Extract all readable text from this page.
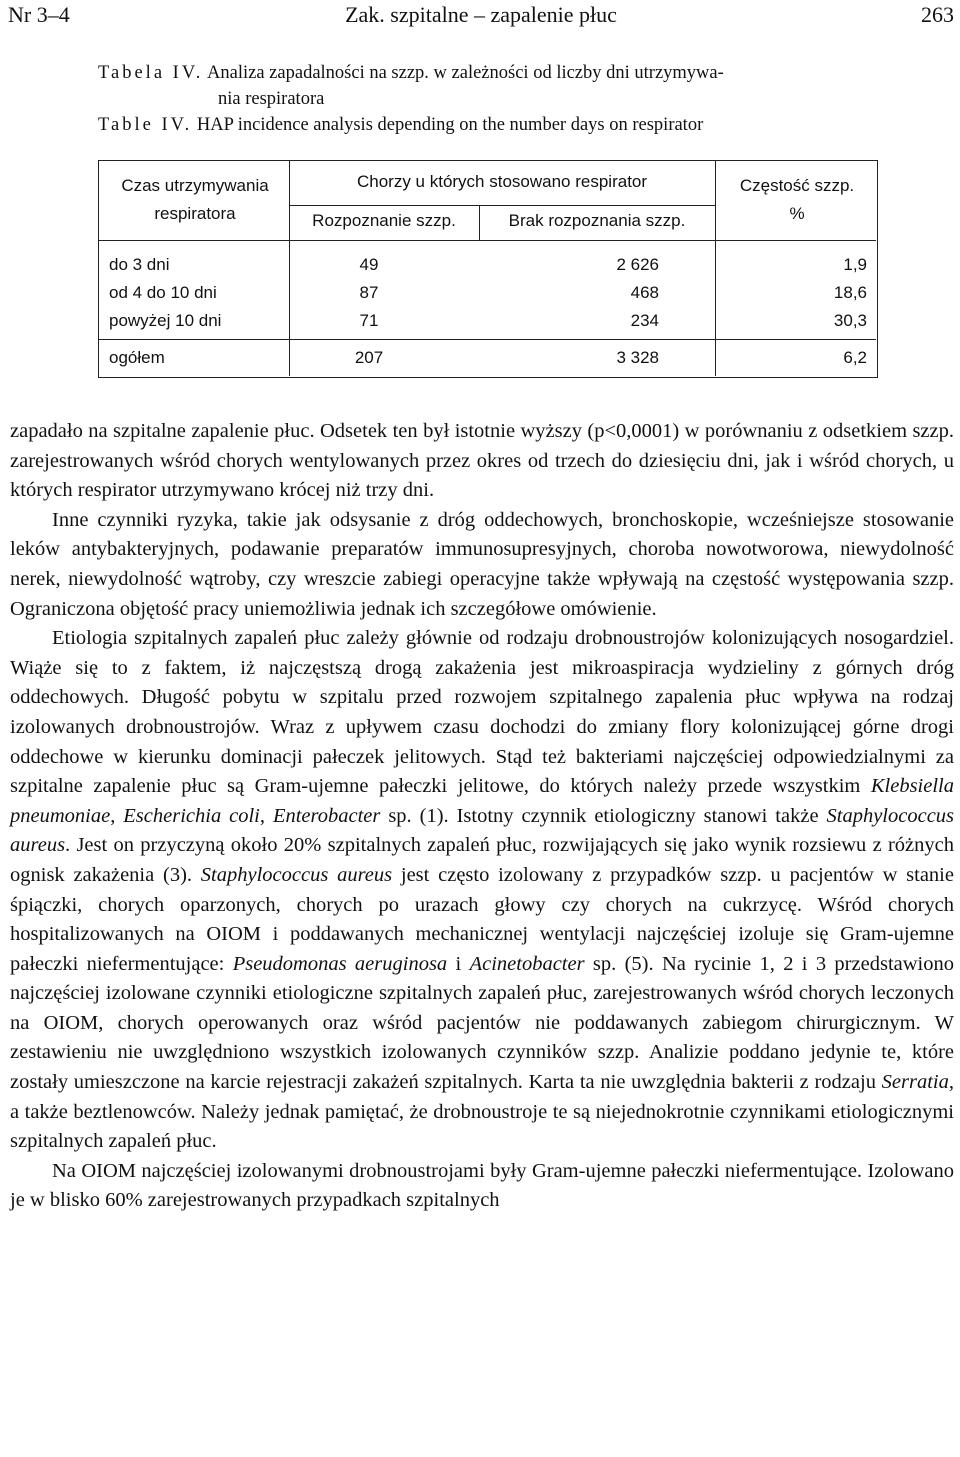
Nr 3–4	Zak. szpitalne – zapalenie płuc	263
Tabela IV. Analiza zapadalności na szzp. w zależności od liczby dni utrzymywa-
nia respiratora
Table IV. HAP incidence analysis depending on the number days on respirator
Czas utrzymywania
respiratora
Chorzy u których stosowano respirator
Rozpoznanie szzp.	Brak rozpoznania szzp.
Częstość szzp.
%
do 3 dni	49	2 626	1,9
od 4 do 10 dni	87	468	18,6
powyżej 10 dni	71	234	30,3
ogółem	207	3 328	6,2

zapadało na szpitalne zapalenie płuc. Odsetek ten był istotnie wyższy (p<0,0001) w porównaniu z odsetkiem szzp. zarejestrowanych wśród chorych wentylowanych przez okres od trzech do dziesięciu dni, jak i wśród chorych, u których respirator utrzymywano krócej niż trzy dni.

Inne czynniki ryzyka, takie jak odsysanie z dróg oddechowych, bronchoskopie, wcześniejsze stosowanie leków antybakteryjnych, podawanie preparatów immunosupresyjnych, choroba nowotworowa, niewydolność nerek, niewydolność wątroby, czy wreszcie zabiegi operacyjne także wpływają na częstość występowania szzp. Ograniczona objętość pracy uniemożliwia jednak ich szczegółowe omówienie.

Etiologia szpitalnych zapaleń płuc zależy głównie od rodzaju drobnoustrojów kolonizujących nosogardziel. Wiąże się to z faktem, iż najczęstszą drogą zakażenia jest mikroaspiracja wydzieliny z górnych dróg oddechowych. Długość pobytu w szpitalu przed rozwojem szpitalnego zapalenia płuc wpływa na rodzaj izolowanych drobnoustrojów. Wraz z upływem czasu dochodzi do zmiany flory kolonizującej górne drogi oddechowe w kierunku dominacji pałeczek jelitowych. Stąd też bakteriami najczęściej odpowiedzialnymi za szpitalne zapalenie płuc są Gram-ujemne pałeczki jelitowe, do których należy przede wszystkim Klebsiella pneumoniae, Escherichia coli, Enterobacter sp. (1). Istotny czynnik etiologiczny stanowi także Staphylococcus aureus. Jest on przyczyną około 20% szpitalnych zapaleń płuc, rozwijających się jako wynik rozsiewu z różnych ognisk zakażenia (3). Staphylococcus aureus jest często izolowany z przypadków szzp. u pacjentów w stanie śpiączki, chorych oparzonych, chorych po urazach głowy czy chorych na cukrzycę. Wśród chorych hospitalizowanych na OIOM i poddawanych mechanicznej wentylacji najczęściej izoluje się Gram-ujemne pałeczki niefermentujące: Pseudomonas aeruginosa i Acinetobacter sp. (5). Na rycinie 1, 2 i 3 przedstawiono najczęściej izolowane czynniki etiologiczne szpitalnych zapaleń płuc, zarejestrowanych wśród chorych leczonych na OIOM, chorych operowanych oraz wśród pacjentów nie poddawanych zabiegom chirurgicznym. W zestawieniu nie uwzględniono wszystkich izolowanych czynników szzp. Analizie poddano jedynie te, które zostały umieszczone na karcie rejestracji zakażeń szpitalnych. Karta ta nie uwzględnia bakterii z rodzaju Serratia, a także beztlenowców. Należy jednak pamiętać, że drobnoustroje te są niejednokrotnie czynnikami etiologicznymi szpitalnych zapaleń płuc.

Na OIOM najczęściej izolowanymi drobnoustrojami były Gram-ujemne pałeczki niefermentujące. Izolowano je w blisko 60% zarejestrowanych przypadkach szpitalnych
